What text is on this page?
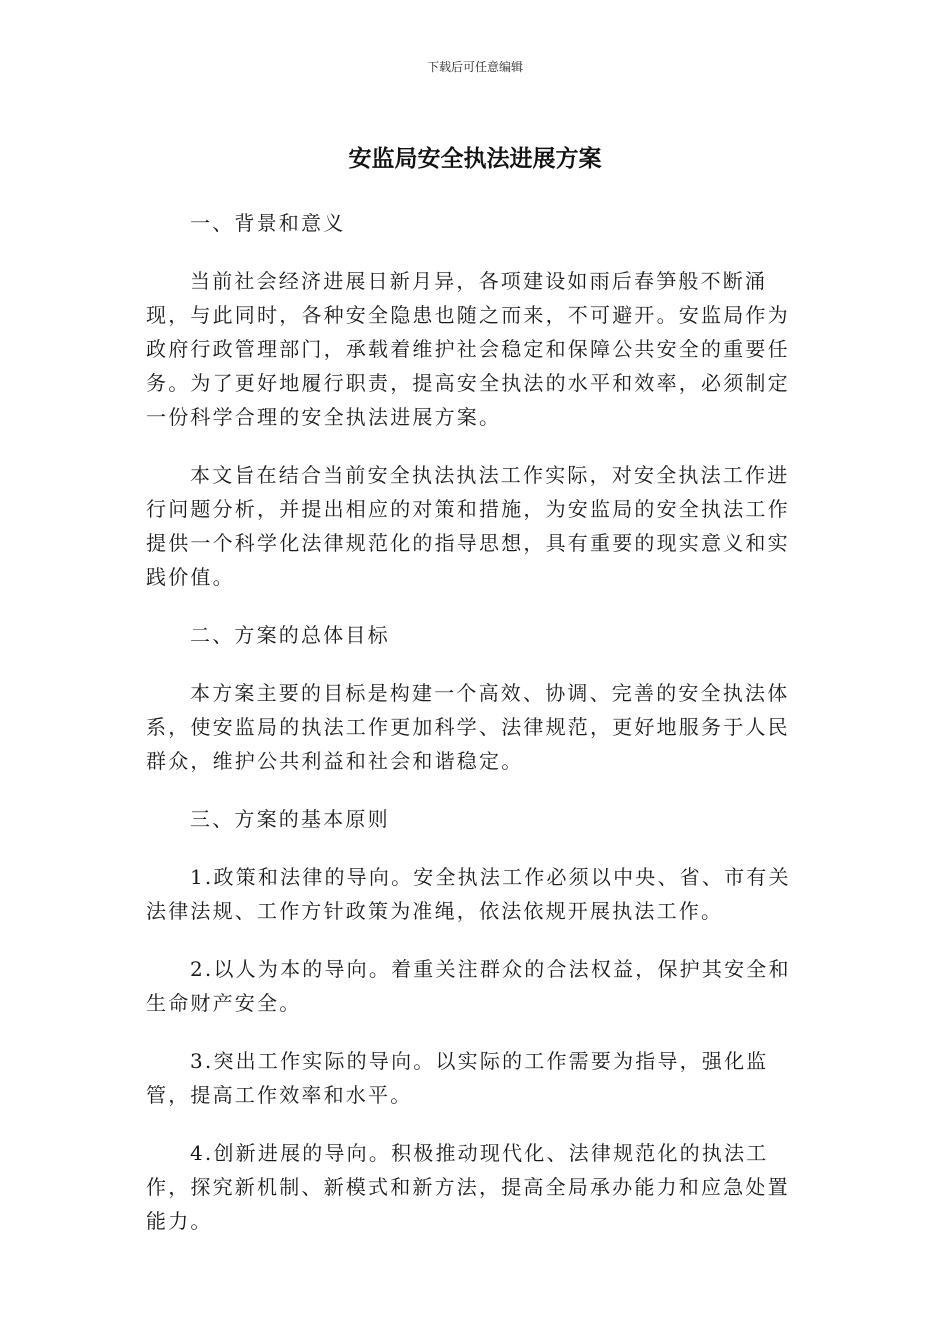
下载后可任意编辑
安监局安全执法进展方案

一、背景和意义

当前社会经济进展日新月异，各项建设如雨后春笋般不断涌现，与此同时，各种安全隐患也随之而来，不可避开。安监局作为政府行政管理部门，承载着维护社会稳定和保障公共安全的重要任务。为了更好地履行职责，提高安全执法的水平和效率，必须制定一份科学合理的安全执法进展方案。

本文旨在结合当前安全执法执法工作实际，对安全执法工作进行问题分析，并提出相应的对策和措施，为安监局的安全执法工作提供一个科学化法律规范化的指导思想，具有重要的现实意义和实践价值。

二、方案的总体目标

本方案主要的目标是构建一个高效、协调、完善的安全执法体系，使安监局的执法工作更加科学、法律规范，更好地服务于人民群众，维护公共利益和社会和谐稳定。

三、方案的基本原则

1.政策和法律的导向。安全执法工作必须以中央、省、市有关法律法规、工作方针政策为准绳，依法依规开展执法工作。

2.以人为本的导向。着重关注群众的合法权益，保护其安全和生命财产安全。

3.突出工作实际的导向。以实际的工作需要为指导，强化监管，提高工作效率和水平。

4.创新进展的导向。积极推动现代化、法律规范化的执法工作，探究新机制、新模式和新方法，提高全局承办能力和应急处置能力。
